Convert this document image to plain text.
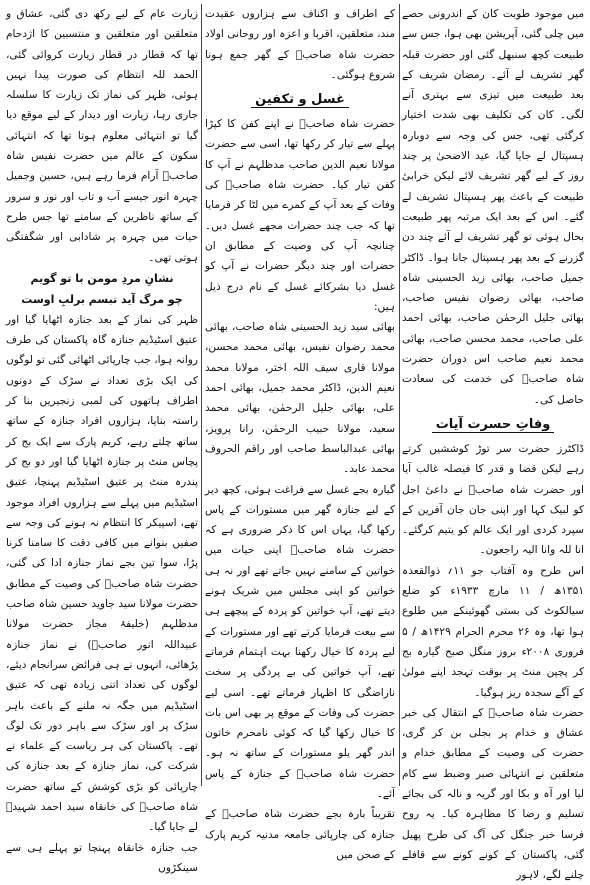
میں موجود طوبت کان کے اندرونی حصے میں چلی گئی، آپریشن بھی ہوا، جس سے طبیعت کچھ سنبھل گئی اور حضرت قبلہ گھر تشریف لے آئے۔ رمضان شریف کے بعد طبیعت میں تیزی سے بہتری آنے لگی۔ کان کی تکلیف بھی شدت اختیار کرگئی تھی، جس کی وجہ سے دوبارہ ہسپتال لے جایا گیا، عید الاضحیٰ پر چند روز کے لیے گھر تشریف لائے لیکن خرابیٔ طبیعت کے باعث پھر ہسپتال تشریف لے گئے۔ اس کے بعد ایک مرتبہ پھر طبیعت بحال ہوئی تو گھر تشریف لے آئے چند دن گزرنے کے بعد پھر ہسپتال جانا ہوا۔ ڈاکٹر جمیل صاحب، بھائی زید الحسینی شاہ صاحب، بھائی رضوان نفیس صاحب، بھائی جلیل الرحمٰن صاحب، بھائی احمد علی صاحب، محمد محسن صاحب، بھائی محمد نعیم صاحب اس دوران حضرت شاہ صاحبؒ کی خدمت کی سعادت حاصل کی۔

وفاتِ حسرت آیات

ڈاکٹرز حضرت سر توڑ کوششیں کرتے رہے لیکن قضا و قدر کا فیصلہ غالب آیا اور حضرت شاہ صاحبؒ نے داعیٔ اجل کو لبیک کہا اور اپنی جان جان آفرین کے سپرد کردی اور ایک عالم کو یتیم کرگئے۔ انا للہ وانا الیہ راجعون۔

اس طرح وہ آفتاب جو ۱۱؍ ذوالقعدہ ۱۳۵۱ھ / ۱۱ مارچ ۱۹۳۳ء کو ضلع سیالکوٹ کی بستی گھوئینکے میں طلوع ہوا تھا، وہ ۲۶ محرم الحرام ۱۴۲۹ھ / ۵ فروری ۲۰۰۸ء بروز منگل صبح گیارہ بج کر پچپن منٹ پر بوقت تہجد اپنے مولیٰ کے آگے سجدہ ریز ہوگیا۔

حضرت شاہ صاحبؒ کے انتقال کی خبر عشاق و خدام پر بجلی بن کر گری، حضرت کی وصیت کے مطابق خدام و متعلقین نے انتہائی صبر وضبط سے کام لیا اور آہ و بکا اور گریہ و نالہ کی بجائے تسلیم و رضا کا مظاہرہ کیا۔ یہ روح فرسا خبر جنگل کی آگ کی طرح پھیل گئی، پاکستان کے کونے کونے سے قافلے چلنے لگے، لاہور

کے اطراف و اکناف سے ہزاروں عقیدت مند، متعلقین، اقربا و اعزہ اور روحانی اولاد حضرت شاہ صاحبؒ کے گھر جمع ہونا شروع ہوگئی۔

غسل و تکفین

حضرت شاہ صاحبؒ نے اپنے کفن کا کپڑا پہلے سے تیار کر رکھا تھا، اسی سے حضرت مولانا نعیم الدین صاحب مدظلہم نے آپ کا کفن تیار کیا۔ حضرت شاہ صاحبؒ کی وفات کے بعد آپ کے کمرے میں لٹا کر فرمایا تھا کہ جب چند حضرات مجھے غسل دیں۔ چنانچہ آپ کی وصیت کے مطابق ان حضرات اور چند دیگر حضرات نے آپ کو غسل دیا بشرکائے غسل کے نام درج ذیل ہیں:

بھائی سید زید الحسینی شاہ صاحب، بھائی محمد رضوان نفیس، بھائی محمد محسن، مولانا قاری سیف اللہ اختر، مولانا محمد نعیم الدین، ڈاکٹر محمد جمیل، بھائی احمد علی، بھائی جلیل الرحمٰن، بھائی محمد سعید، مولانا حبیب الرحمٰن، رانا پرویز، بھائی عبدالباسط صاحب اور راقم الحروف محمد عابد۔

گیارہ بجے غسل سے فراغت ہوئی، کچھ دیر کے لیے جنازہ گھر میں مستورات کے پاس رکھا گیا، یہاں اس کا ذکر ضروری ہے کہ حضرت شاہ صاحبؒ اپنی حیات میں خواتین کے سامنے نہیں جاتے تھے اور نہ ہی خواتین کو اپنی مجلس میں شریک ہونے دیتے تھے، آپ خواتین کو پردہ کے پیچھے ہی سے بیعت فرمایا کرتے تھے اور مستورات کے لیے پردہ کا خیال رکھنا بہت اہتمام فرماتے تھے، آپ خواتین کی بے پردگی پر سخت ناراضگی کا اظہار فرماتے تھے۔ اسی لیے حضرت کی وفات کے موقع پر بھی اس بات کا خیال رکھا گیا کہ کوئی نامحرم خاتون اندر گھر یلو مستورات کے ساتھ نہ ہو۔ حضرت شاہ صاحبؒ کے جنازہ کے پاس آئے۔

تقریباً بارہ بجے حضرت شاہ صاحبؒ کے جنازہ کی چارپائی جامعہ مدنیہ کریم پارک کے صحن میں

زیارت عام کے لیے رکھ دی گئی، عشاق و متعلقین اور متعلقین و منتسبین کا اژدحام تھا کہ قطار در قطار زیارت کروائی گئی، الحمد للہ انتظام کی صورت پیدا نہیں ہوئی، ظہر کی نماز تک زیارت کا سلسلہ جاری رہا، زیارت اور دیدار کے لیے موقع دیا گیا تو انتہائی معلوم ہوتا تھا کہ انتہائی سکون کے عالم میں حضرت نفیس شاہ صاحبؒ آرام فرما رہے ہیں، حسین وجمیل چہرہ انور جیسے آب و تاب اور نور و سرور کے ساتھ ناظرین کے سامنے تھا جس طرح حیات میں چہرہ پر شادابی اور شگفتگی ہوتی تھی۔

نشانِ مردِ مومن با تو گویم
چو مرگ آید تبسم برلبِ اوست

ظہر کی نماز کے بعد جنازہ اٹھایا گیا اور عتیق اسٹیڈیم جنازہ گاہ پاکستان کی طرف روانہ ہوا، جب چارپائی اٹھائی گئی تو لوگوں کی ایک بڑی تعداد نے سڑک کے دونوں اطراف ہاتھوں کی لمبی زنجیریں بنا کر راستہ بنایا، ہزاروں افراد جنازہ کے ساتھ ساتھ چلتے رہے، کریم پارک سے ایک بج کر پچاس منٹ پر جنازہ اٹھایا گیا اور دو بج کر پندرہ منٹ پر عتیق اسٹیڈیم پہنچا، عتیق اسٹیڈیم میں پہلے سے ہزاروں افراد موجود تھے، اسپیکر کا انتظام نہ ہونے کی وجہ سے صفیں بنوانے میں کافی دقت کا سامنا کرنا پڑا، سوا تین بجے نماز جنازہ ادا کی گئی، حضرت شاہ صاحبؒ کی وصیت کے مطابق حضرت مولانا سید جاوید حسین شاہ صاحب مدظلہم (خلیفۂ مجاز حضرت مولانا عبیداللہ انور صاحبؒ) نے نماز جنازہ پڑھائی، انہوں نے ہی فرائض سرانجام دیئے، لوگوں کی تعداد اتنی زیادہ تھی کہ عتیق اسٹیڈیم میں جگہ نہ ملنے کے باعث باہر سڑک پر اور سڑک سے باہر دور تک لوگ تھے۔ پاکستان کی ہر ریاست کے علماء نے شرکت کی، نماز جنازہ کے بعد جنازہ کی چارپائی کو بڑی کوشش کے ساتھ حضرت شاہ صاحبؒ کی خانقاہ سید احمد شہیدؒ لے جایا گیا۔

جب جنازہ خانقاہ پہنچا تو پہلے ہی سے سینکڑوں
